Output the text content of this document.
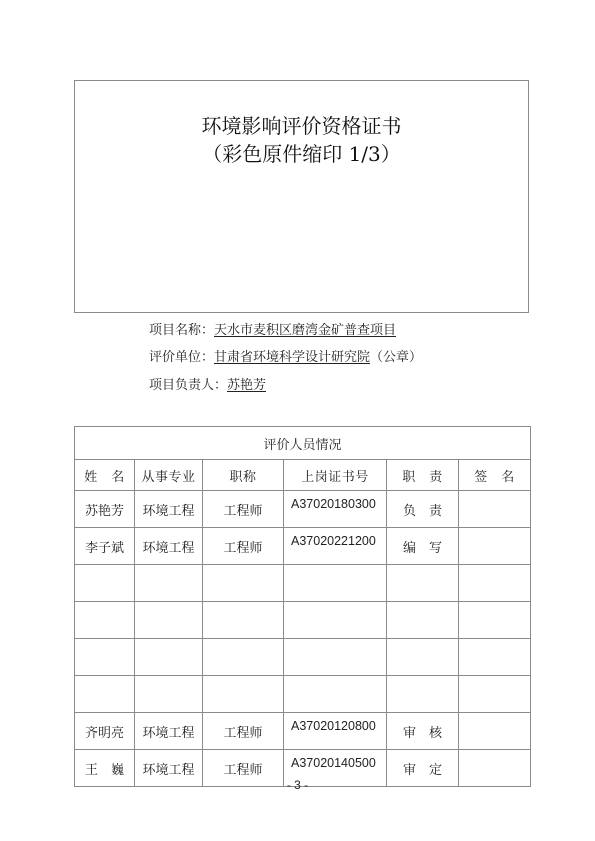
环境影响评价资格证书
（彩色原件缩印 1/3）
项目名称：天水市麦积区磨湾金矿普查项目
评价单位：甘肃省环境科学设计研究院（公章）
项目负责人：苏艳芳
评价人员情况					
姓　名	从事专业	职称	上岗证书号	职　责	签　名
苏艳芳	环境工程	工程师	A37020180300	负　责	
李子斌	环境工程	工程师	A37020221200	编　写	

齐明亮	环境工程	工程师	A37020120800	审　核	
王　巍	环境工程	工程师	A37020140500	审　定	
- 3 -
